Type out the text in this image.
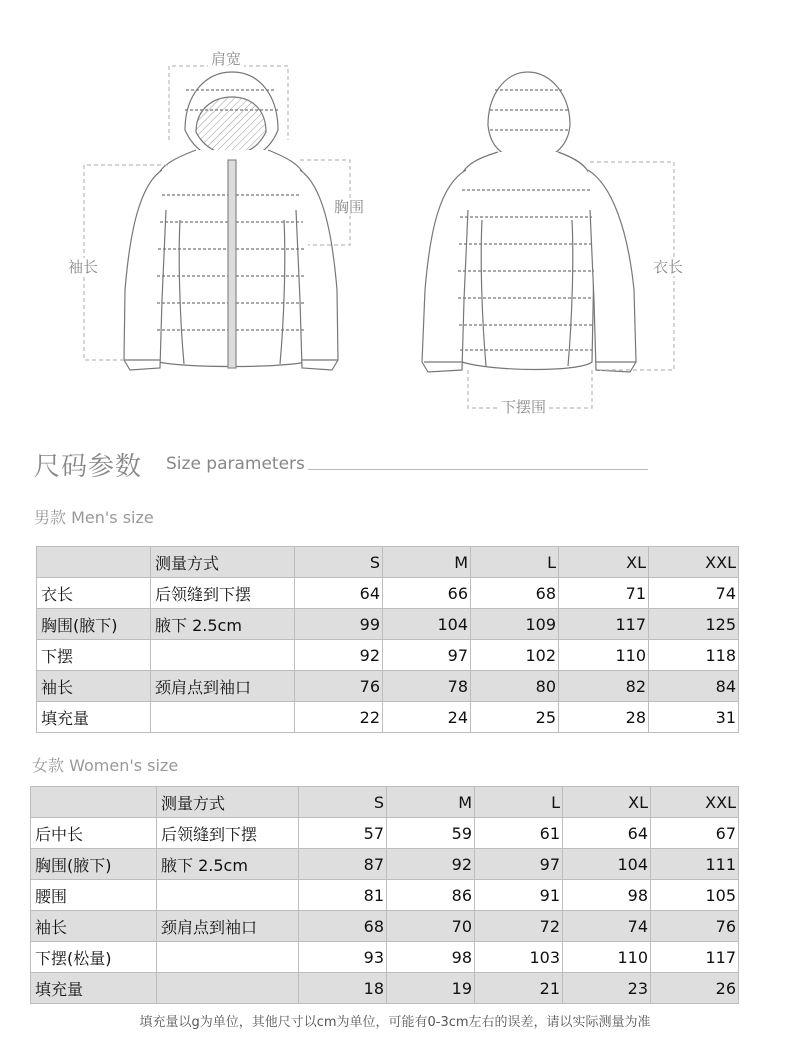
肩宽
胸围
袖长	衣长
下摆围
尺码参数 Size parameters
男款 Men's size
	测量方式	S	M	L	XL	XXL
衣长	后领缝到下摆	64	66	68	71	74
胸围(腋下)	腋下 2.5cm	99	104	109	117	125
下摆		92	97	102	110	118
袖长	颈肩点到袖口	76	78	80	82	84
填充量		22	24	25	28	31
女款 Women's size
	测量方式	S	M	L	XL	XXL
后中长	后领缝到下摆	57	59	61	64	67
胸围(腋下)	腋下 2.5cm	87	92	97	104	111
腰围		81	86	91	98	105
袖长	颈肩点到袖口	68	70	72	74	76
下摆(松量)		93	98	103	110	117
填充量		18	19	21	23	26
填充量以g为单位，其他尺寸以cm为单位，可能有0-3cm左右的误差，请以实际测量为准
